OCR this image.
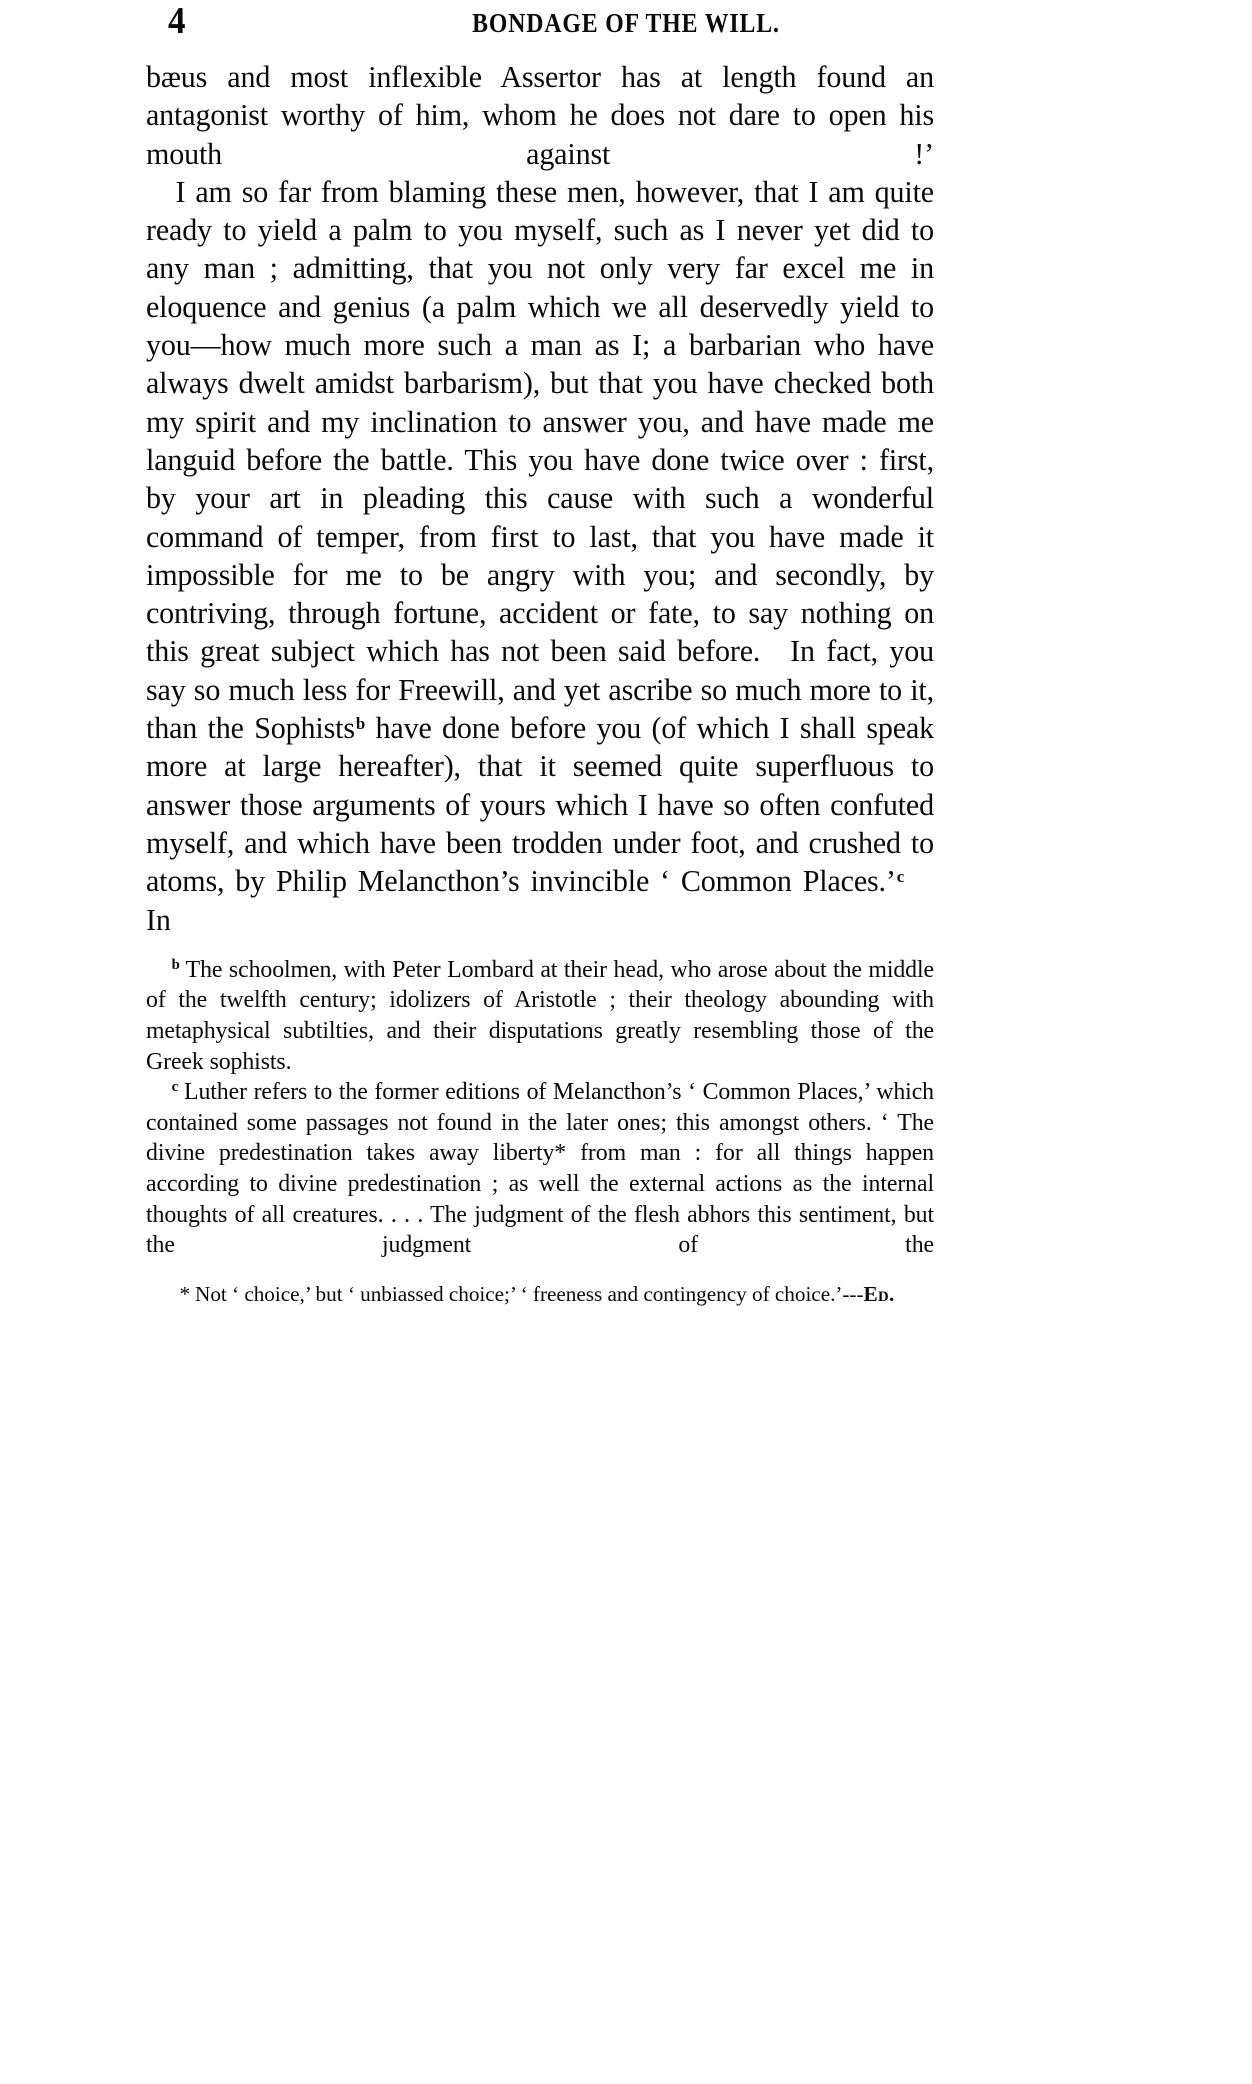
4	BONDAGE OF THE WILL.

bæus and most inflexible Assertor has at length found an antagonist worthy of him, whom he does not dare to open his mouth against !’

I am so far from blaming these men, however, that I am quite ready to yield a palm to you myself, such as I never yet did to any man ; admitting, that you not only very far excel me in eloquence and genius (a palm which we all deservedly yield to you—how much more such a man as I; a barbarian who have always dwelt amidst barbarism), but that you have checked both my spirit and my inclination to answer you, and have made me languid before the battle. This you have done twice over : first, by your art in pleading this cause with such a wonderful command of temper, from first to last, that you have made it impossible for me to be angry with you; and secondly, by contriving, through fortune, accident or fate, to say nothing on this great subject which has not been said before. In fact, you say so much less for Freewill, and yet ascribe so much more to it, than the Sophists$^b$ have done before you (of which I shall speak more at large hereafter), that it seemed quite superfluous to answer those arguments of yours which I have so often confuted myself, and which have been trodden under foot, and crushed to atoms, by Philip Melancthon’s invincible ‘ Common Places.’$^c$ In

$^b$ The schoolmen, with Peter Lombard at their head, who arose about the middle of the twelfth century; idolizers of Aristotle ; their theology abounding with metaphysical subtilties, and their disputations greatly resembling those of the Greek sophists.

$^c$ Luther refers to the former editions of Melancthon’s ‘ Common Places,’ which contained some passages not found in the later ones; this amongst others. ‘ The divine predestination takes away liberty* from man : for all things happen according to divine predestination ; as well the external actions as the internal thoughts of all creatures. . . . The judgment of the flesh abhors this sentiment, but the judgment of the

* Not ‘ choice,’ but ‘ unbiassed choice;’ ‘ freeness and contingency of choice.’---Ed.
